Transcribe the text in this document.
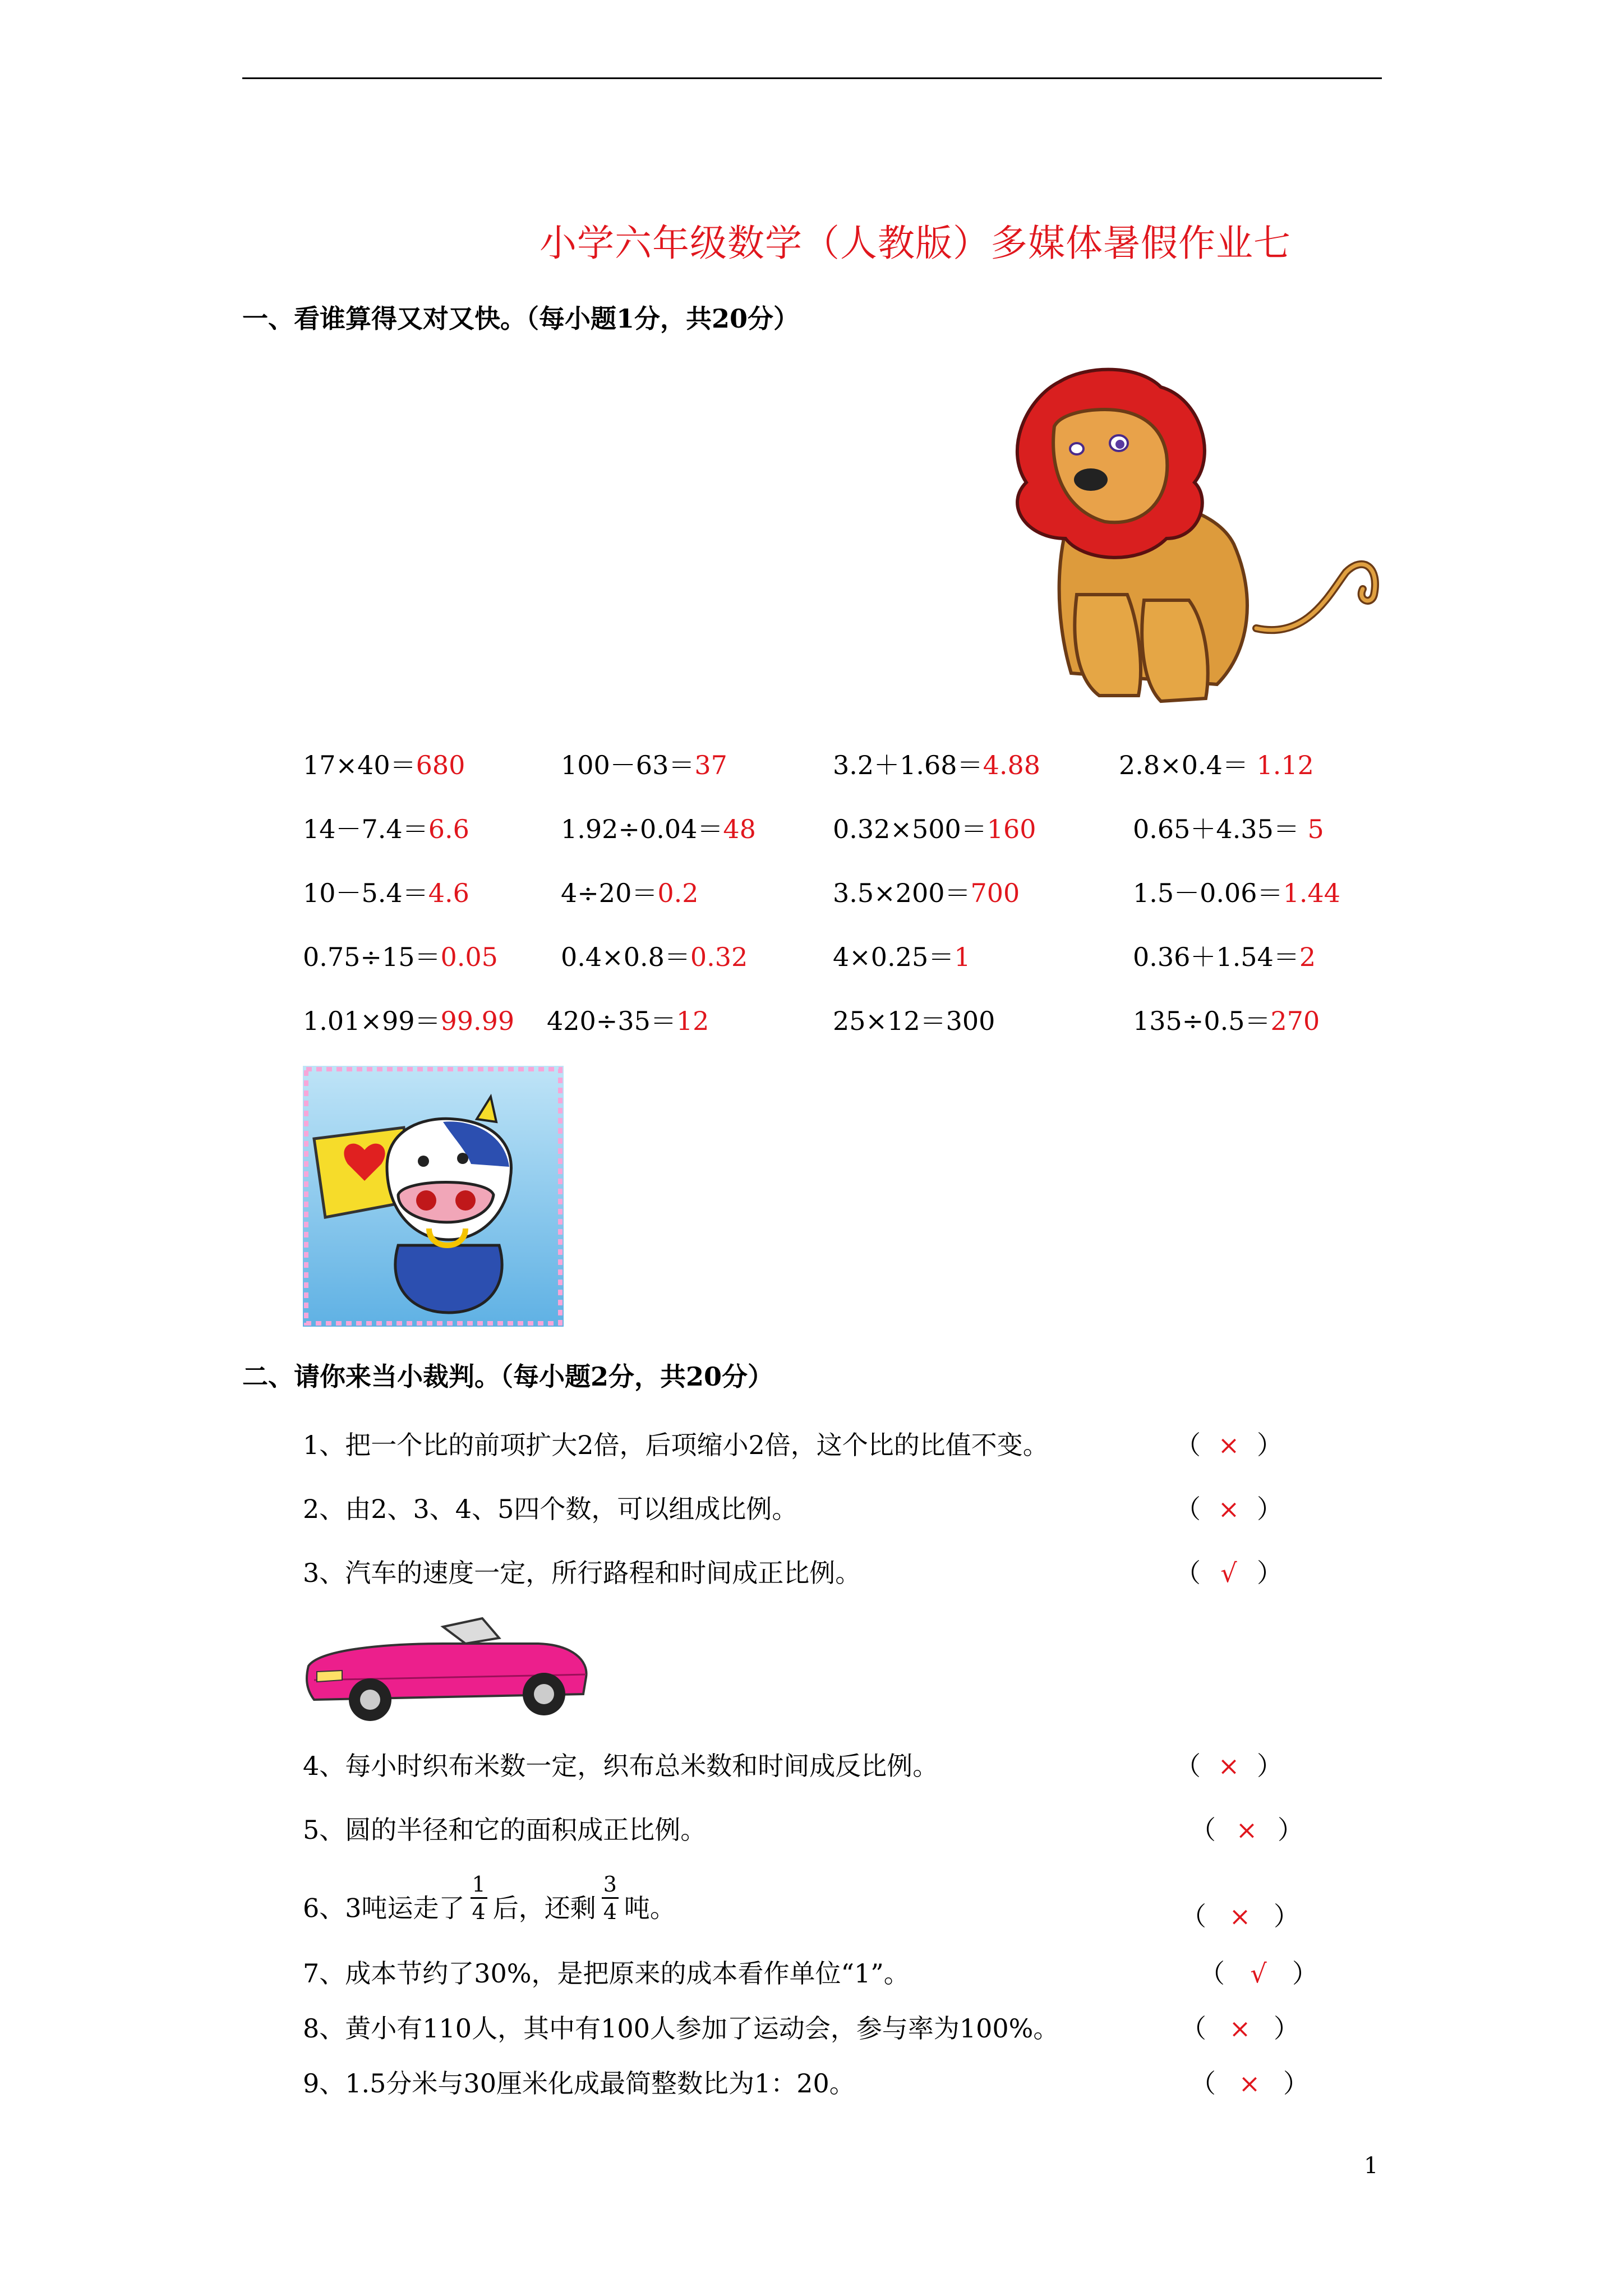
小学六年级数学（人教版）多媒体暑假作业七
一、看谁算得又对又快。（每小题1分，共20分）
17×40＝680	100－63＝37	3.2＋1.68＝4.88	2.8×0.4＝ 1.12
14－7.4＝6.6	1.92÷0.04＝48	0.32×500＝160	0.65＋4.35＝ 5
10－5.4＝4.6	4÷20＝0.2	3.5×200＝700	1.5－0.06＝1.44
0.75÷15＝0.05 0.4×0.8＝0.32	4×0.25＝1	0.36＋1.54＝2
1.01×99＝99.99 420÷35＝12	25×12＝300	135÷0.5＝270
二、请你来当小裁判。（每小题2分，共20分）
1、把一个比的前项扩大2倍，后项缩小2倍，这个比的比值不变。	（ × ）
2、由2、3、4、5四个数，可以组成比例。	（ × ）
3、汽车的速度一定，所行路程和时间成正比例。	（ √ ）
4、每小时织布米数一定，织布总米数和时间成反比例。	（ × ）
5、圆的半径和它的面积成正比例。	（ × ）
6、3吨运走了 $\frac{1}{4}$ 后，还剩 $\frac{3}{4}$ 吨。	（ × ）
7、成本节约了30%，是把原来的成本看作单位“1”。	（ √ ）
8、黄小有110人，其中有100人参加了运动会，参与率为100%。	（ × ）
9、1.5分米与30厘米化成最简整数比为1：20。	（ × ）
1
